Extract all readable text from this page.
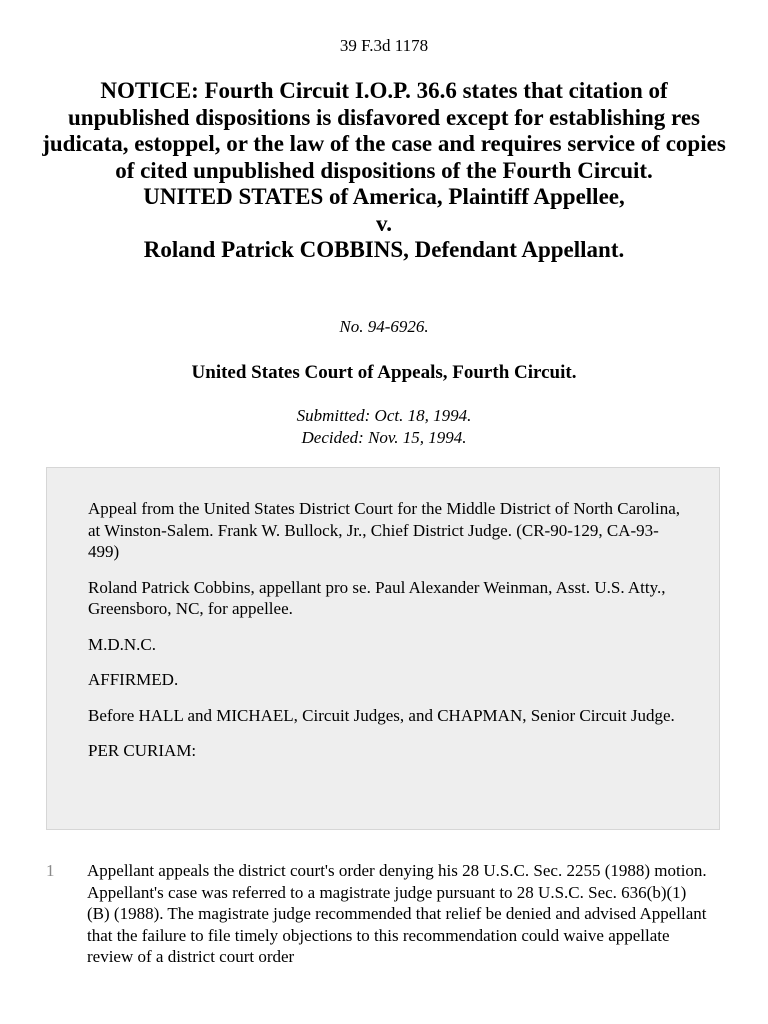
39 F.3d 1178
NOTICE: Fourth Circuit I.O.P. 36.6 states that citation of unpublished dispositions is disfavored except for establishing res judicata, estoppel, or the law of the case and requires service of copies of cited unpublished dispositions of the Fourth Circuit.
UNITED STATES of America, Plaintiff Appellee,
v.
Roland Patrick COBBINS, Defendant Appellant.
No. 94-6926.
United States Court of Appeals, Fourth Circuit.
Submitted: Oct. 18, 1994.
Decided: Nov. 15, 1994.

Appeal from the United States District Court for the Middle District of North Carolina, at Winston-Salem. Frank W. Bullock, Jr., Chief District Judge. (CR-90-129, CA-93-499)

Roland Patrick Cobbins, appellant pro se. Paul Alexander Weinman, Asst. U.S. Atty., Greensboro, NC, for appellee.

M.D.N.C.

AFFIRMED.

Before HALL and MICHAEL, Circuit Judges, and CHAPMAN, Senior Circuit Judge.

PER CURIAM:

1	Appellant appeals the district court's order denying his 28 U.S.C. Sec. 2255 (1988) motion. Appellant's case was referred to a magistrate judge pursuant to 28 U.S.C. Sec. 636(b)(1)(B) (1988). The magistrate judge recommended that relief be denied and advised Appellant that the failure to file timely objections to this recommendation could waive appellate review of a district court order
